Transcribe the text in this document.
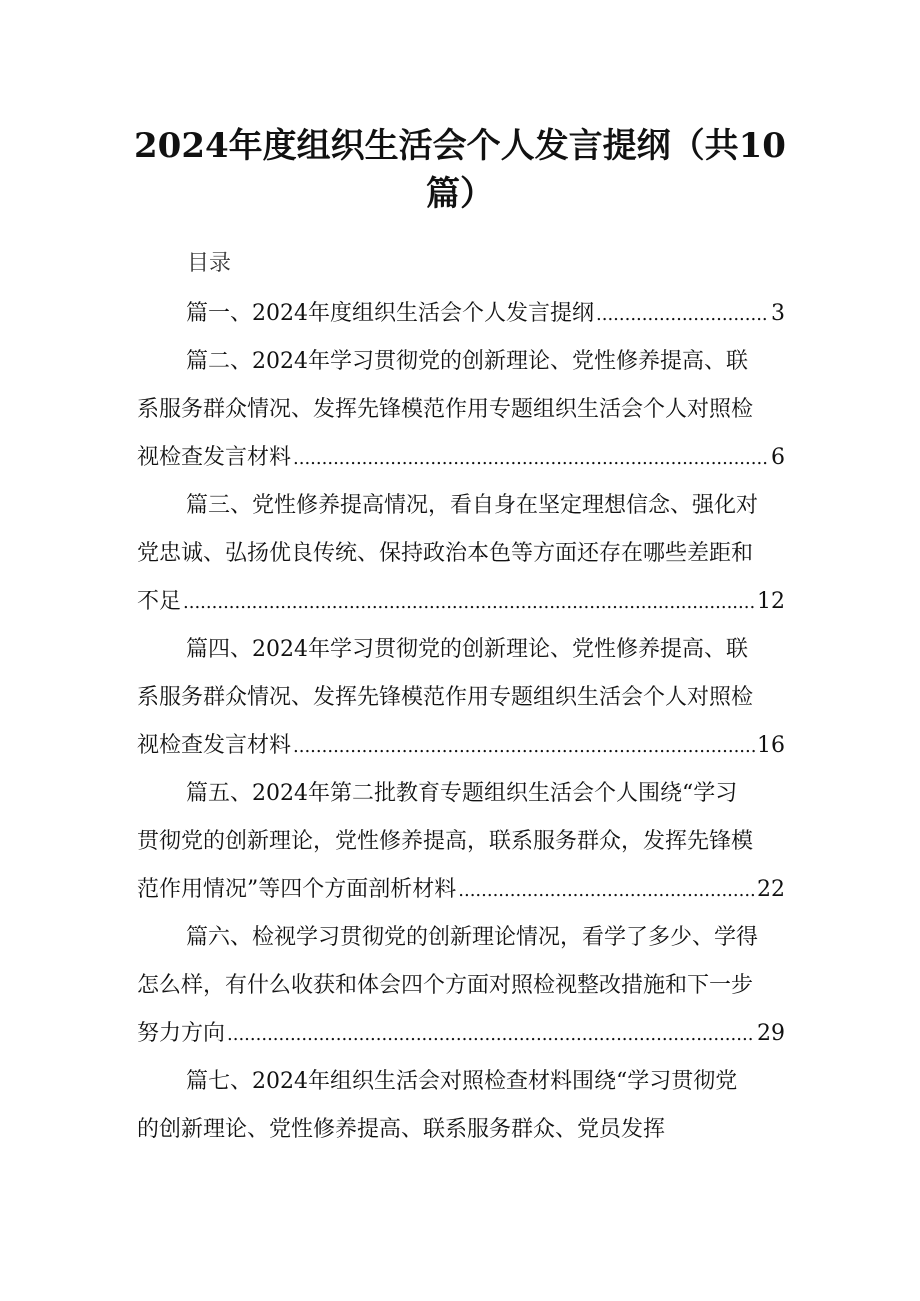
2024年度组织生活会个人发言提纲（共10
篇）
目录
篇一、2024年度组织生活会个人发言提纲 .....	3
篇二、2024年学习贯彻党的创新理论、党性修养提高、联
系服务群众情况、发挥先锋模范作用专题组织生活会个人对照检
视检查发言材料 .....	6
篇三、党性修养提高情况，看自身在坚定理想信念、强化对
党忠诚、弘扬优良传统、保持政治本色等方面还存在哪些差距和
不足 .....	12
篇四、2024年学习贯彻党的创新理论、党性修养提高、联
系服务群众情况、发挥先锋模范作用专题组织生活会个人对照检
视检查发言材料 .....	16
篇五、2024年第二批教育专题组织生活会个人围绕“学习
贯彻党的创新理论，党性修养提高，联系服务群众，发挥先锋模
范作用情况”等四个方面剖析材料 .....	22
篇六、检视学习贯彻党的创新理论情况，看学了多少、学得
怎么样，有什么收获和体会四个方面对照检视整改措施和下一步
努力方向 .....	29
篇七、2024年组织生活会对照检查材料围绕“学习贯彻党
的创新理论、党性修养提高、联系服务群众、党员发挥
